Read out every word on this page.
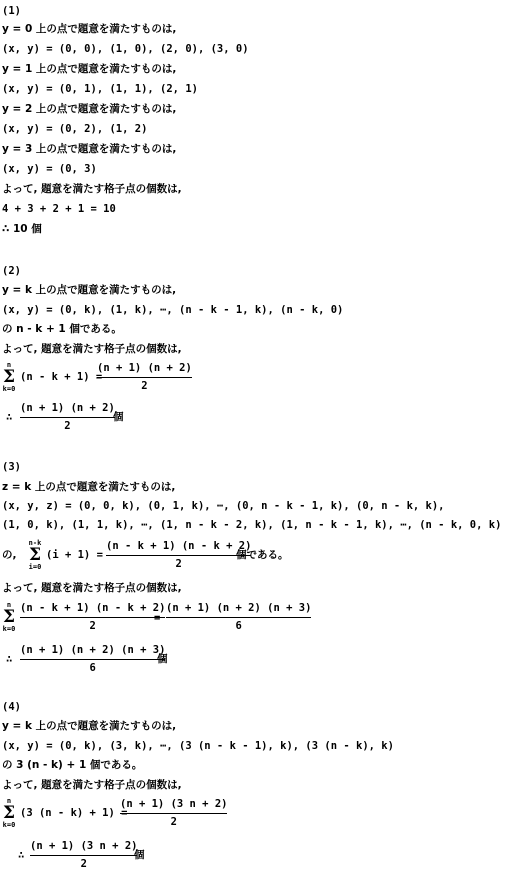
(1)
y = 0 上の点で題意を満たすものは,
(x, y) = (0, 0), (1, 0), (2, 0), (3, 0)
y = 1 上の点で題意を満たすものは,
(x, y) = (0, 1), (1, 1), (2, 1)
y = 2 上の点で題意を満たすものは,
(x, y) = (0, 2), (1, 2)
y = 3 上の点で題意を満たすものは,
(x, y) = (0, 3)
よって, 題意を満たす格子点の個数は,
4 + 3 + 2 + 1 = 10
∴ 10 個
(2)
y = k 上の点で題意を満たすものは,
(x, y) = (0, k), (1, k), ⋯, (n - k - 1, k), (n - k, 0)
の n - k + 1 個である。
よって, 題意を満たす格子点の個数は,
n
Σ
k=0
(n - k + 1) =
(n + 1) (n + 2)
2
∴
(n + 1) (n + 2)
2
個
(3)
z = k 上の点で題意を満たすものは,
(x, y, z) = (0, 0, k), (0, 1, k), ⋯, (0, n - k - 1, k), (0, n - k, k),
(1, 0, k), (1, 1, k), ⋯, (1, n - k - 2, k), (1, n - k - 1, k), ⋯, (n - k, 0, k)
の,
n-k
Σ
i=0
(i + 1) =
(n - k + 1) (n - k + 2)
2
個である。
よって, 題意を満たす格子点の個数は,
n
Σ
k=0
(n - k + 1) (n - k + 2)
2
=
(n + 1) (n + 2) (n + 3)
6
∴
(n + 1) (n + 2) (n + 3)
6
個
(4)
y = k 上の点で題意を満たすものは,
(x, y) = (0, k), (3, k), ⋯, (3 (n - k - 1), k), (3 (n - k), k)
の 3 (n - k) + 1 個である。
よって, 題意を満たす格子点の個数は,
n
Σ
k=0
(3 (n - k) + 1) =
(n + 1) (3 n + 2)
2
∴
(n + 1) (3 n + 2)
2
個
